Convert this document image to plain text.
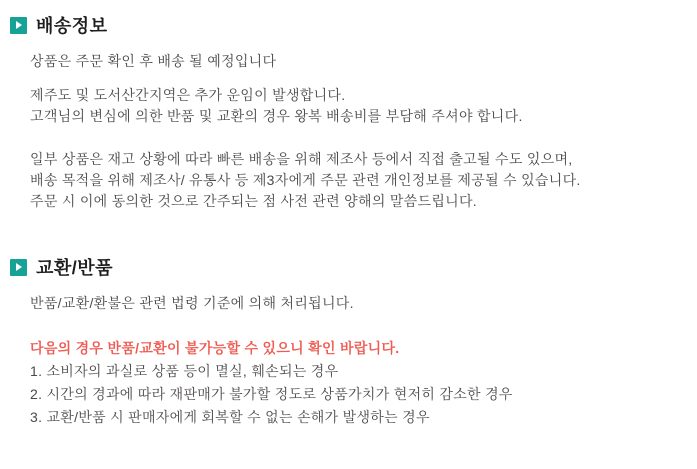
배송정보

상품은 주문 확인 후 배송 될 예정입니다

제주도 및 도서산간지역은 추가 운임이 발생합니다.
고객님의 변심에 의한 반품 및 교환의 경우 왕복 배송비를 부담해 주셔야 합니다.

일부 상품은 재고 상황에 따라 빠른 배송을 위해 제조사 등에서 직접 출고될 수도 있으며,
배송 목적을 위해 제조사/ 유통사 등 제3자에게 주문 관련 개인정보를 제공될 수 있습니다.
주문 시 이에 동의한 것으로 간주되는 점 사전 관련 양해의 말씀드립니다.

교환/반품

반품/교환/환불은 관련 법령 기준에 의해 처리됩니다.

다음의 경우 반품/교환이 불가능할 수 있으니 확인 바랍니다.

1. 소비자의 과실로 상품 등이 멸실, 훼손되는 경우
2. 시간의 경과에 따라 재판매가 불가할 정도로 상품가치가 현저히 감소한 경우
3. 교환/반품 시 판매자에게 회복할 수 없는 손해가 발생하는 경우
